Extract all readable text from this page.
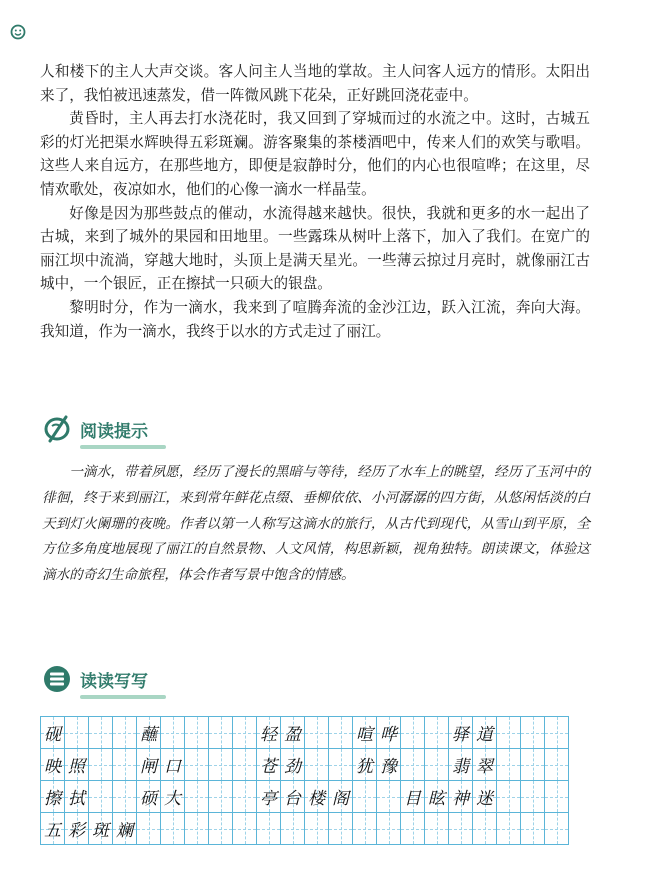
人和楼下的主人大声交谈。客人问主人当地的掌故。主人问客人远方的情形。太阳出来了，我怕被迅速蒸发，借一阵微风跳下花朵，正好跳回浇花壶中。

黄昏时，主人再去打水浇花时，我又回到了穿城而过的水流之中。这时，古城五彩的灯光把渠水辉映得五彩斑斓。游客聚集的茶楼酒吧中，传来人们的欢笑与歌唱。这些人来自远方，在那些地方，即便是寂静时分，他们的内心也很喧哗；在这里，尽情欢歌处，夜凉如水，他们的心像一滴水一样晶莹。

好像是因为那些鼓点的催动，水流得越来越快。很快，我就和更多的水一起出了古城，来到了城外的果园和田地里。一些露珠从树叶上落下，加入了我们。在宽广的丽江坝中流淌，穿越大地时，头顶上是满天星光。一些薄云掠过月亮时，就像丽江古城中，一个银匠，正在擦拭一只硕大的银盘。

黎明时分，作为一滴水，我来到了喧腾奔流的金沙江边，跃入江流，奔向大海。我知道，作为一滴水，我终于以水的方式走过了丽江。

阅读提示

一滴水，带着夙愿，经历了漫长的黑暗与等待，经历了水车上的眺望，经历了玉河中的徘徊，终于来到丽江，来到常年鲜花点缀、垂柳依依、小河潺潺的四方街，从悠闲恬淡的白天到灯火阑珊的夜晚。作者以第一人称写这滴水的旅行，从古代到现代，从雪山到平原，全方位多角度地展现了丽江的自然景物、人文风情，构思新颖，视角独特。朗读课文，体验这滴水的奇幻生命旅程，体会作者写景中饱含的情感。

读读写写
砚	蘸	轻 盈	喧 哗	驿 道
映 照	闸 口	苍 劲	犹 豫	翡 翠
擦 拭	硕 大	亭 台 楼 阁	目 眩 神 迷
五 彩 斑 斓
